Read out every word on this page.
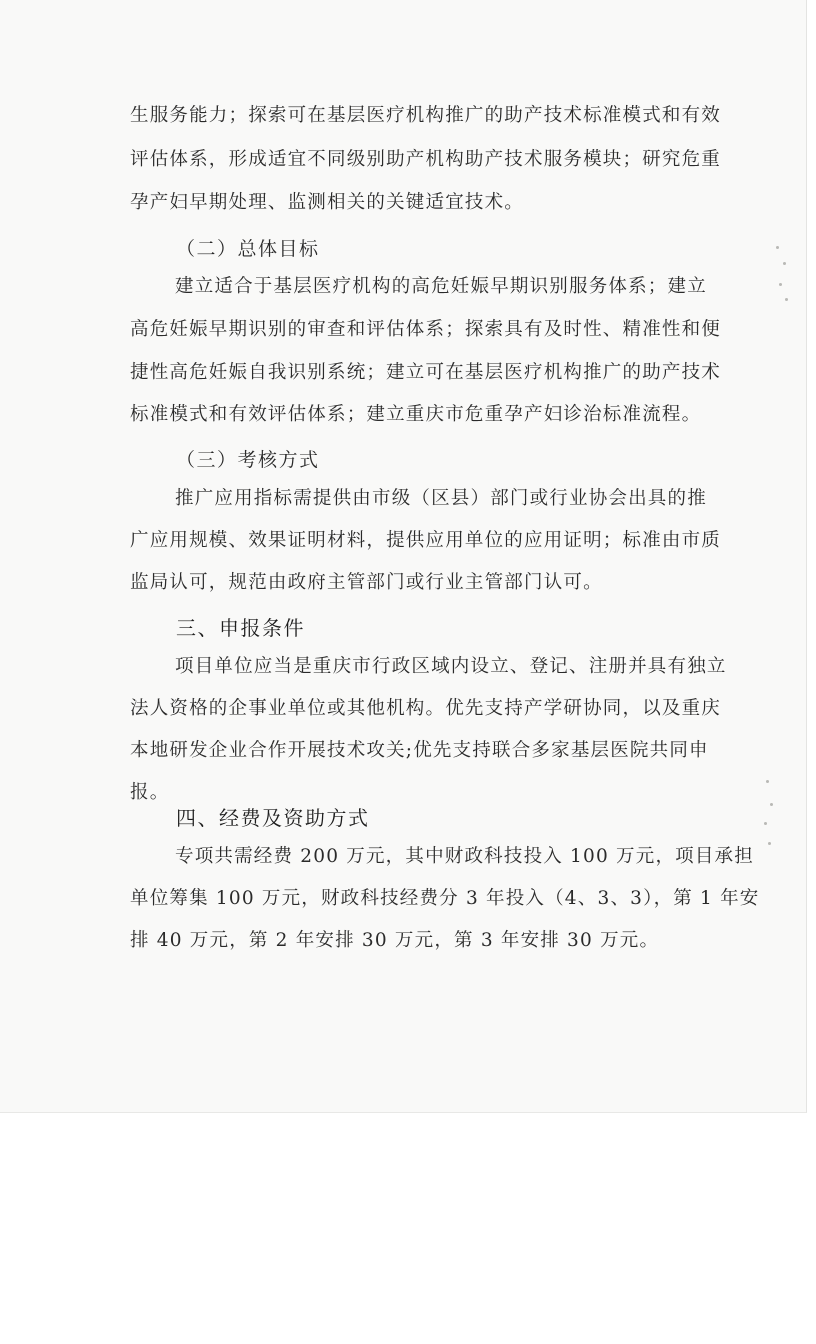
生服务能力；探索可在基层医疗机构推广的助产技术标准模式和有效
评估体系，形成适宜不同级别助产机构助产技术服务模块；研究危重
孕产妇早期处理、监测相关的关键适宜技术。
（二）总体目标
建立适合于基层医疗机构的高危妊娠早期识别服务体系；建立
高危妊娠早期识别的审查和评估体系；探索具有及时性、精准性和便
捷性高危妊娠自我识别系统；建立可在基层医疗机构推广的助产技术
标准模式和有效评估体系；建立重庆市危重孕产妇诊治标准流程。
（三）考核方式
推广应用指标需提供由市级（区县）部门或行业协会出具的推
广应用规模、效果证明材料，提供应用单位的应用证明；标准由市质
监局认可，规范由政府主管部门或行业主管部门认可。
三、申报条件
项目单位应当是重庆市行政区域内设立、登记、注册并具有独立
法人资格的企事业单位或其他机构。优先支持产学研协同，以及重庆
本地研发企业合作开展技术攻关;优先支持联合多家基层医院共同申
报。
四、经费及资助方式
专项共需经费 200 万元，其中财政科技投入 100 万元，项目承担
单位筹集 100 万元，财政科技经费分 3 年投入（4、3、3），第 1 年安
排 40 万元，第 2 年安排 30 万元，第 3 年安排 30 万元。
